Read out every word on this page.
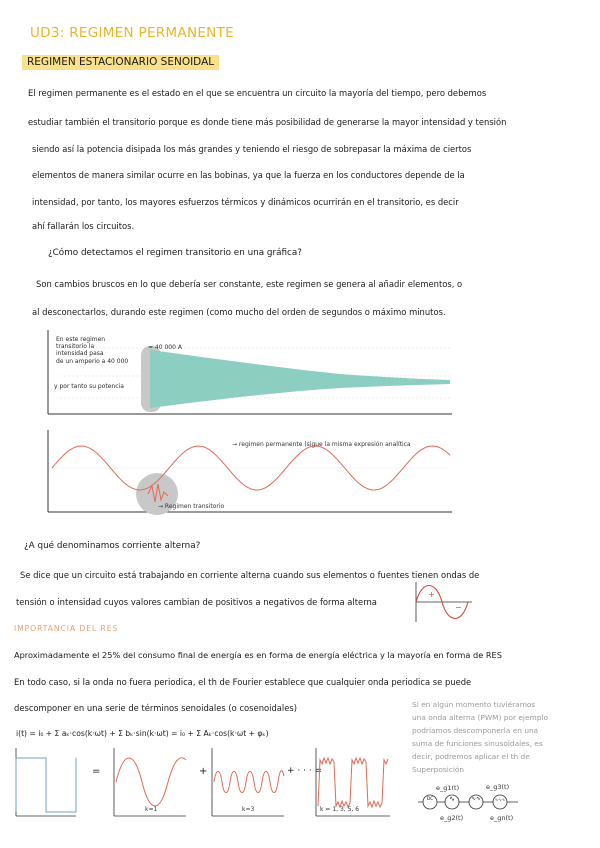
UD3: REGIMEN PERMANENTE
REGIMEN ESTACIONARIO SENOIDAL
El regimen permanente es el estado en el que se encuentra un circuito la mayoría del tiempo, pero debemos
estudiar también el transitorio porque es donde tiene más posibilidad de generarse la mayor intensidad y tensión
siendo así la potencia disipada los más grandes y teniendo el riesgo de sobrepasar la máxima de ciertos
elementos de manera similar ocurre en las bobinas, ya que la fuerza en los conductores depende de la
intensidad, por tanto, los mayores esfuerzos térmicos y dinámicos ocurrirán en el transitorio, es decir
ahí fallarán los circuitos.
¿Cómo detectamos el regimen transitorio en una gráfica?
Son cambios bruscos en lo que debería ser constante, este regimen se genera al añadir elementos, o
al desconectarlos, durando este regimen (como mucho del orden de segundos o máximo minutos.
En este regimen
transitorio la
intensidad pasa
de un amperio a 40 000
y por tanto su potencia
≈ 40 000 A
→ regimen permanente (sigue la misma expresión analítica
→ Regimen transitorio
¿A qué denominamos corriente alterna?
Se dice que un circuito está trabajando en corriente alterna cuando sus elementos o fuentes tienen ondas de
tensión o intensidad cuyos valores cambian de positivos a negativos de forma alterna
+
−
IMPORTANCIA DEL RES
Aproximadamente el 25% del consumo final de energía es en forma de energía eléctrica y la mayoría en forma de RES
En todo caso, si la onda no fuera periodica, el th de Fourier establece que cualquier onda periodica se puede
descomponer en una serie de términos senoidales (o cosenoidales)
i(t) = i₀ + Σ aₖ·cos(k·ωt) + Σ bₖ·sin(k·ωt) = i₀ + Σ Aₖ·cos(k·ωt + φₖ)
Si en algún momento tuviéramos
una onda alterna (PWM) por ejemplo
podríamos descomponerla en una
suma de funciones sinusoidales, es
decir, podremos aplicar el th de
Superposición
=
k=1
+
k=3
+ · · · =
k = 1, 3, 5, 6
e_g1(t)	e_g3(t)
DC	∿	∿∿	∿∿∿
e_g2(t)	e_gn(t)
